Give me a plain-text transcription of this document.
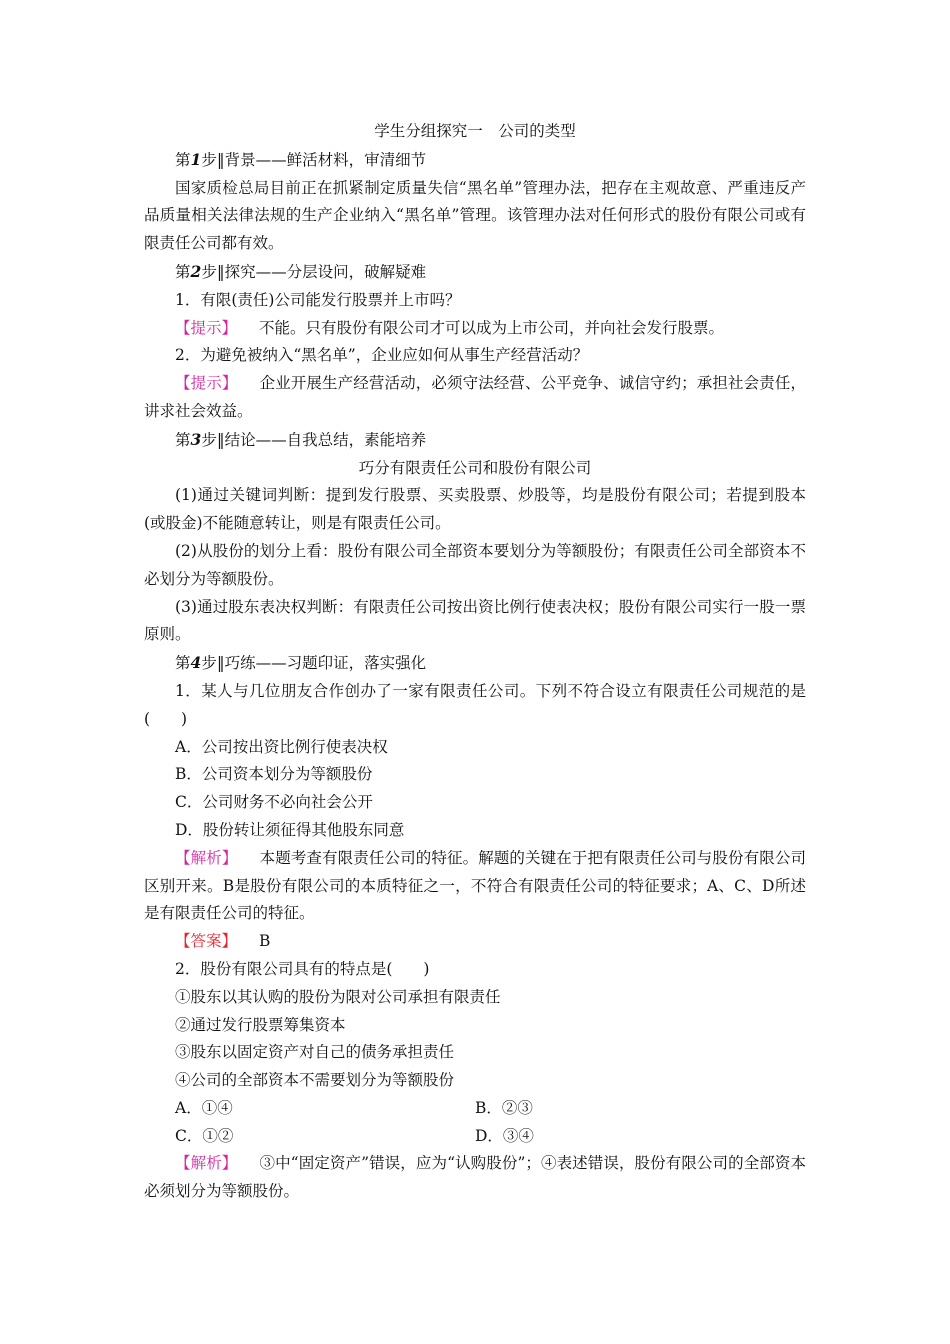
学生分组探究一　公司的类型

第1步‖背景——鲜活材料，审清细节

国家质检总局目前正在抓紧制定质量失信“黑名单”管理办法，把存在主观故意、严重违反产品质量相关法律法规的生产企业纳入“黑名单”管理。该管理办法对任何形式的股份有限公司或有限责任公司都有效。

第2步‖探究——分层设问，破解疑难

1．有限(责任)公司能发行股票并上市吗？

【提示】 不能。只有股份有限公司才可以成为上市公司，并向社会发行股票。

2．为避免被纳入“黑名单”，企业应如何从事生产经营活动？

【提示】 企业开展生产经营活动，必须守法经营、公平竞争、诚信守约；承担社会责任，讲求社会效益。

第3步‖结论——自我总结，素能培养

巧分有限责任公司和股份有限公司

(1)通过关键词判断：提到发行股票、买卖股票、炒股等，均是股份有限公司；若提到股本(或股金)不能随意转让，则是有限责任公司。

(2)从股份的划分上看：股份有限公司全部资本要划分为等额股份；有限责任公司全部资本不必划分为等额股份。

(3)通过股东表决权判断：有限责任公司按出资比例行使表决权；股份有限公司实行一股一票原则。

第4步‖巧练——习题印证，落实强化

1．某人与几位朋友合作创办了一家有限责任公司。下列不符合设立有限责任公司规范的是(　　)

A．公司按出资比例行使表决权

B．公司资本划分为等额股份

C．公司财务不必向社会公开

D．股份转让须征得其他股东同意

【解析】 本题考查有限责任公司的特征。解题的关键在于把有限责任公司与股份有限公司区别开来。B是股份有限公司的本质特征之一，不符合有限责任公司的特征要求；A、C、D所述是有限责任公司的特征。

【答案】 B

2．股份有限公司具有的特点是(　　)

①股东以其认购的股份为限对公司承担有限责任

②通过发行股票筹集资本

③股东以固定资产对自己的债务承担责任

④公司的全部资本不需要划分为等额股份

A．①④	B．②③
C．①②	D．③④

【解析】 ③中“固定资产”错误，应为“认购股份”；④表述错误，股份有限公司的全部资本必须划分为等额股份。
